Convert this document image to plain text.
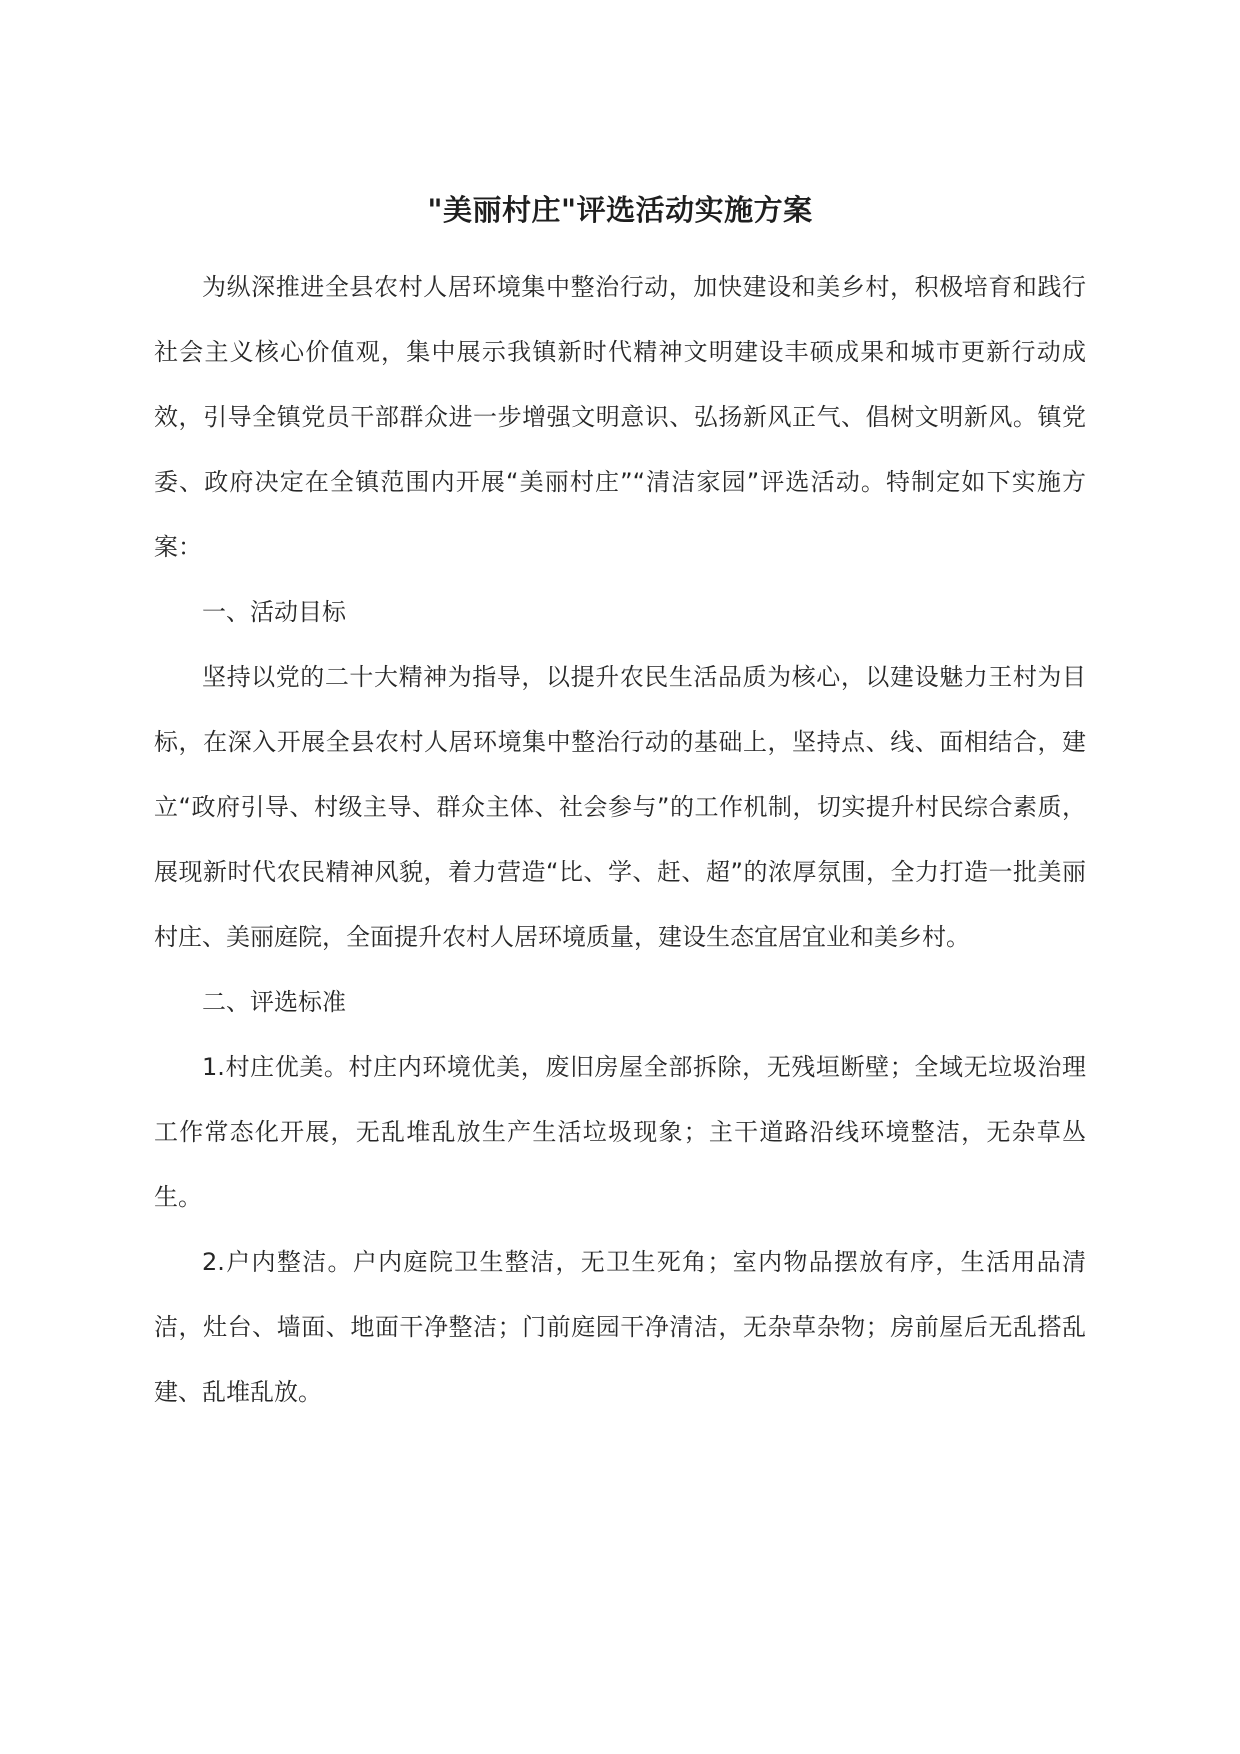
"美丽村庄"评选活动实施方案

为纵深推进全县农村人居环境集中整治行动，加快建设和美乡村，积极培育和践行社会主义核心价值观，集中展示我镇新时代精神文明建设丰硕成果和城市更新行动成效，引导全镇党员干部群众进一步增强文明意识、弘扬新风正气、倡树文明新风。镇党委、政府决定在全镇范围内开展“美丽村庄”“清洁家园”评选活动。特制定如下实施方案：

一、活动目标

坚持以党的二十大精神为指导，以提升农民生活品质为核心，以建设魅力王村为目标，在深入开展全县农村人居环境集中整治行动的基础上，坚持点、线、面相结合，建立“政府引导、村级主导、群众主体、社会参与”的工作机制，切实提升村民综合素质，展现新时代农民精神风貌，着力营造“比、学、赶、超”的浓厚氛围，全力打造一批美丽村庄、美丽庭院，全面提升农村人居环境质量，建设生态宜居宜业和美乡村。

二、评选标准

1.村庄优美。村庄内环境优美，废旧房屋全部拆除，无残垣断壁；全域无垃圾治理工作常态化开展，无乱堆乱放生产生活垃圾现象；主干道路沿线环境整洁，无杂草丛生。

2.户内整洁。户内庭院卫生整洁，无卫生死角；室内物品摆放有序，生活用品清洁，灶台、墙面、地面干净整洁；门前庭园干净清洁，无杂草杂物；房前屋后无乱搭乱建、乱堆乱放。
